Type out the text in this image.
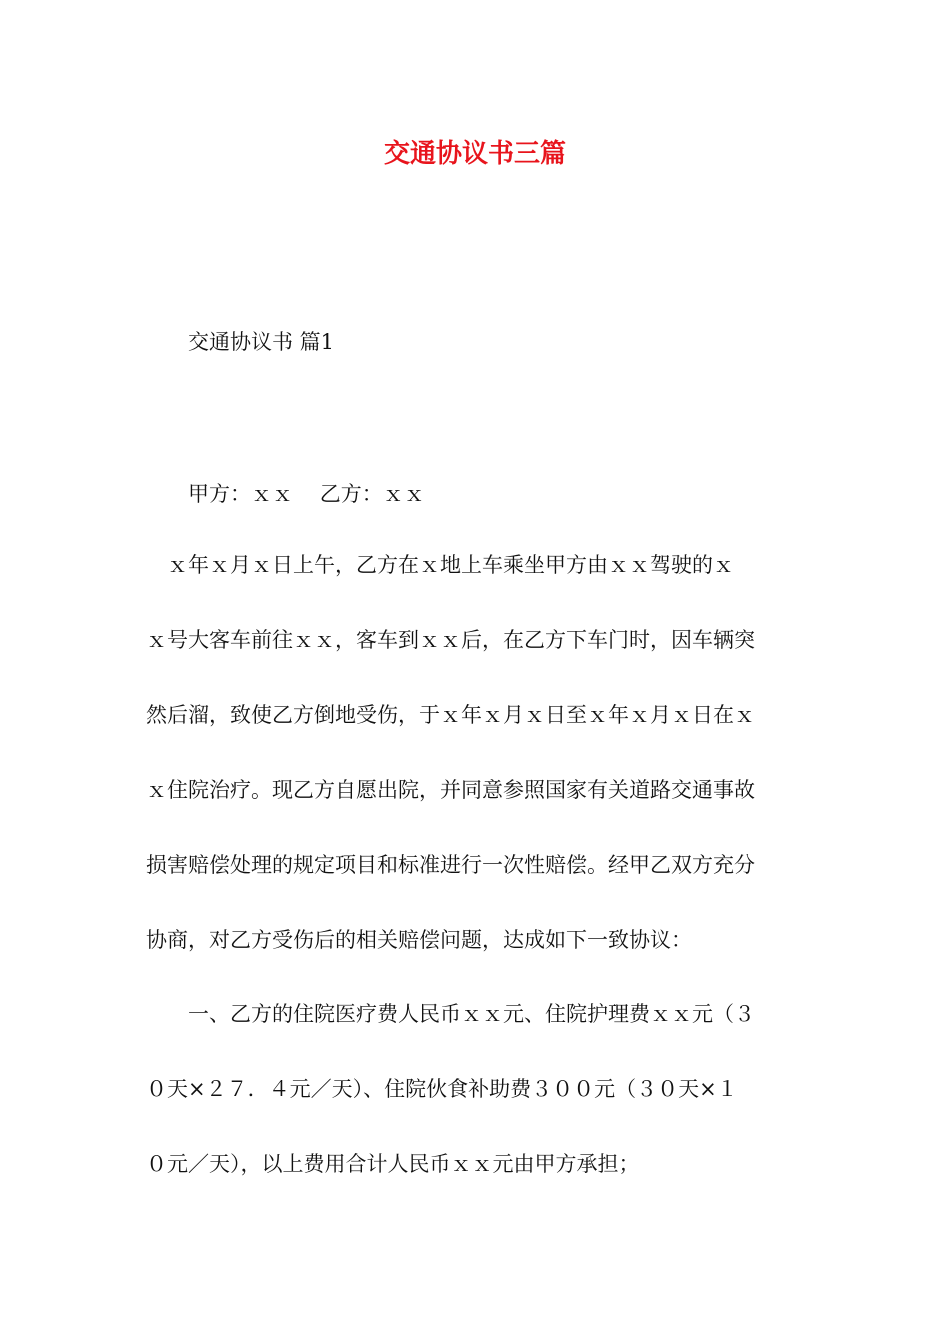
交通协议书三篇
交通协议书 篇1
甲方：ｘｘ 乙方：ｘｘ
　ｘ年ｘ月ｘ日上午，乙方在ｘ地上车乘坐甲方由ｘｘ驾驶的ｘ
ｘ号大客车前往ｘｘ，客车到ｘｘ后，在乙方下车门时，因车辆突
然后溜，致使乙方倒地受伤，于ｘ年ｘ月ｘ日至ｘ年ｘ月ｘ日在ｘ
ｘ住院治疗。现乙方自愿出院，并同意参照国家有关道路交通事故
损害赔偿处理的规定项目和标准进行一次性赔偿。经甲乙双方充分
协商，对乙方受伤后的相关赔偿问题，达成如下一致协议：
　　一、乙方的住院医疗费人民币ｘｘ元、住院护理费ｘｘ元（３
０天×２７．４元／天）、住院伙食补助费３００元（３０天×１
０元／天），以上费用合计人民币ｘｘ元由甲方承担；
